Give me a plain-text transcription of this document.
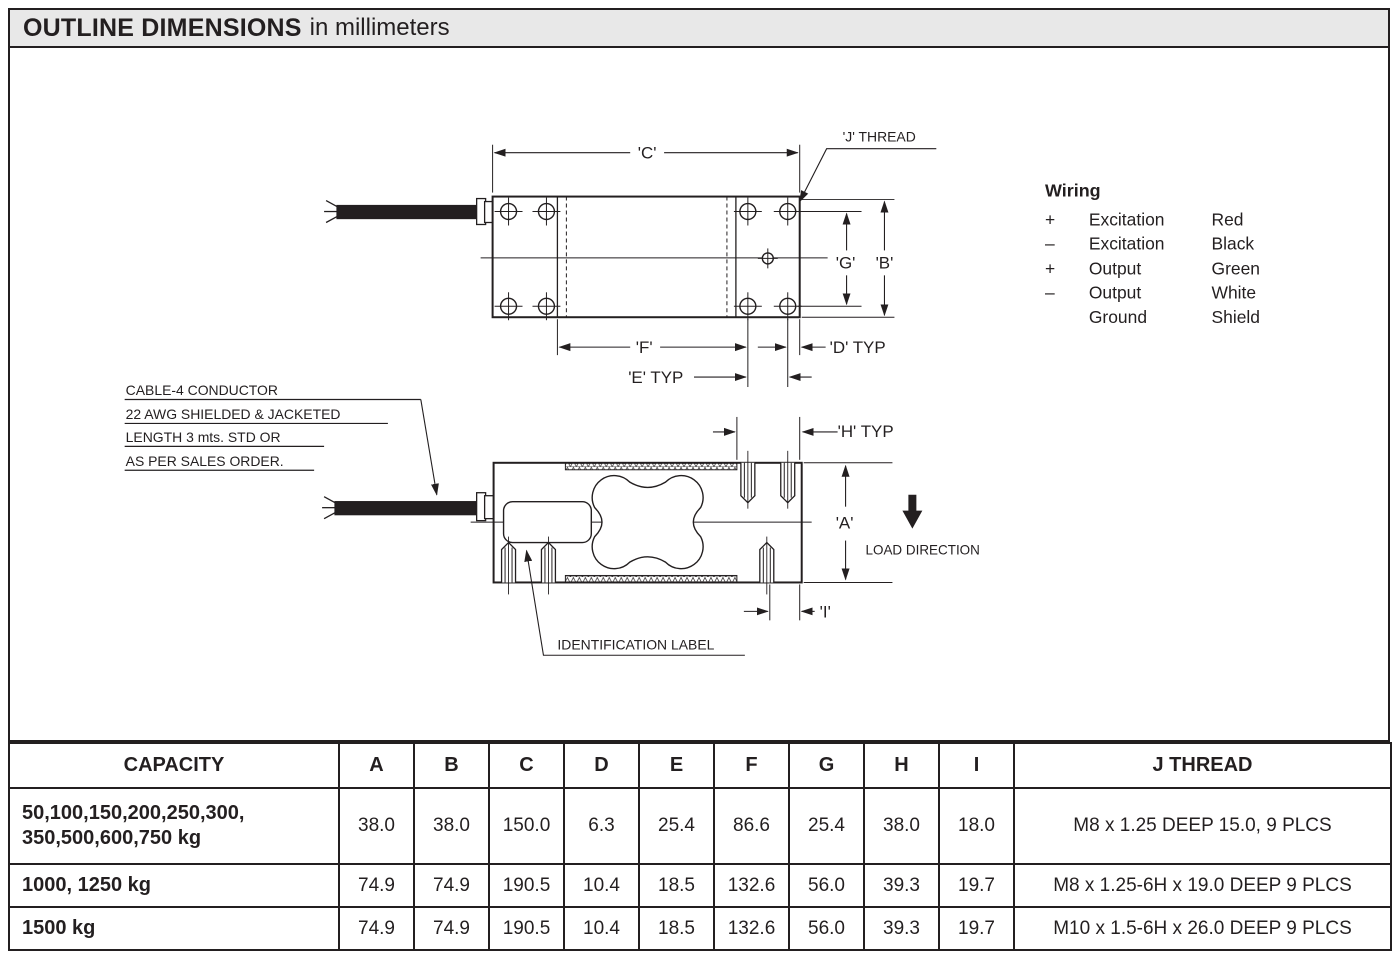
OUTLINE DIMENSIONS in millimeters
'C'
'J' THREAD
'G' 'B'
'F'
'E' TYP
'D' TYP
Wiring
+ Excitation	Red
– Excitation	Black
+ Output	Green
– Output	White
Ground	Shield
CABLE-4 CONDUCTOR
22 AWG SHIELDED & JACKETED
LENGTH 3 mts. STD OR
AS PER SALES ORDER.
'H' TYP
'A'
'I'
LOAD DIRECTION
IDENTIFICATION LABEL
CAPACITY	A	B	C	D	E	F	G	H	I	J THREAD
50,100,150,200,250,300, 350,500,600,750 kg	38.0	38.0	150.0	6.3	25.4	86.6	25.4	38.0	18.0	M8 x 1.25 DEEP 15.0, 9 PLCS
1000, 1250 kg	74.9	74.9	190.5	10.4	18.5	132.6	56.0	39.3	19.7	M8 x 1.25-6H x 19.0 DEEP 9 PLCS
1500 kg	74.9	74.9	190.5	10.4	18.5	132.6	56.0	39.3	19.7	M10 x 1.5-6H x 26.0 DEEP 9 PLCS
